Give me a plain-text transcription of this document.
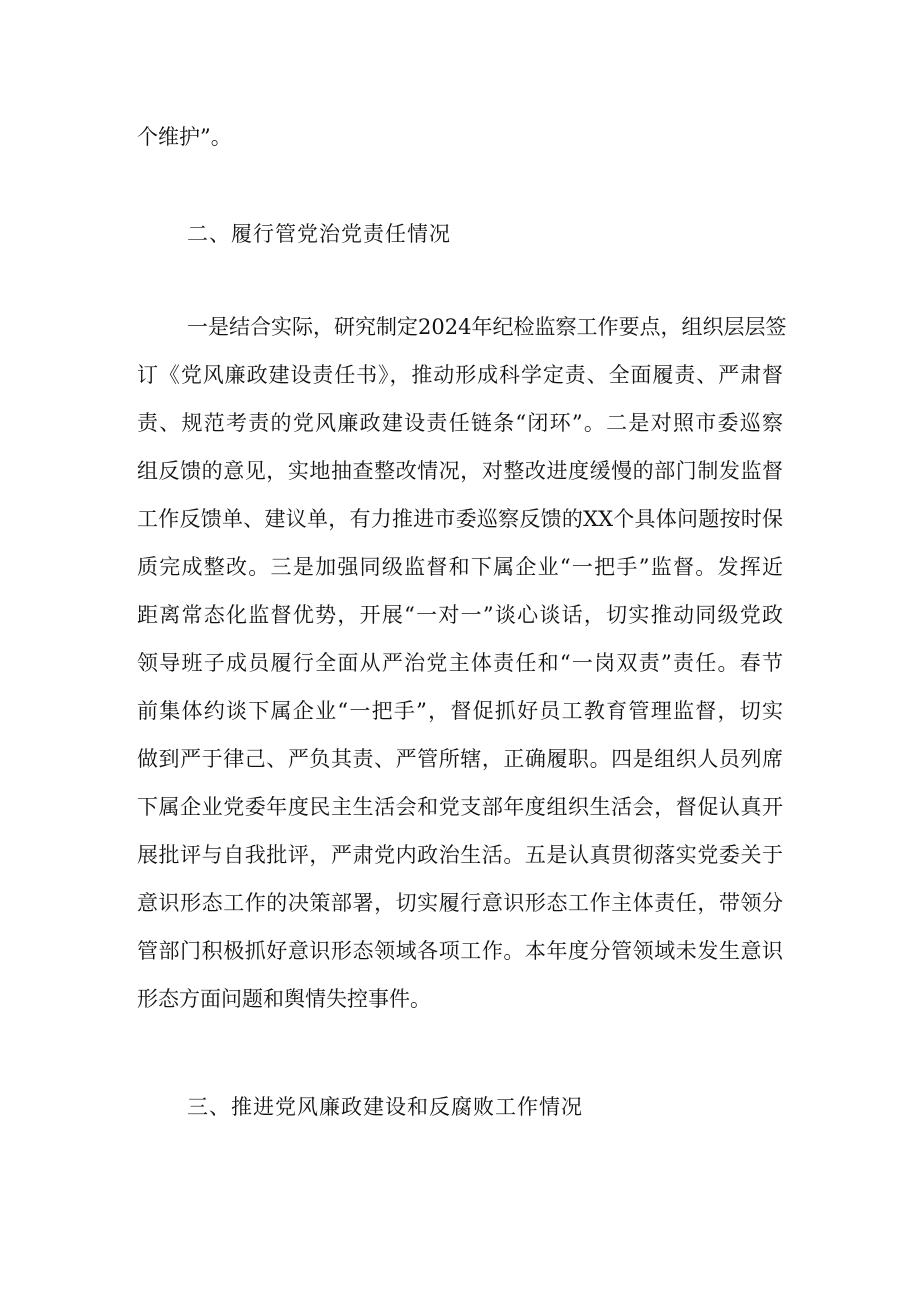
个维护”。

二、履行管党治党责任情况

一是结合实际，研究制定2024年纪检监察工作要点，组织层层签

订《党风廉政建设责任书》，推动形成科学定责、全面履责、严肃督

责、规范考责的党风廉政建设责任链条“闭环”。二是对照市委巡察

组反馈的意见，实地抽查整改情况，对整改进度缓慢的部门制发监督

工作反馈单、建议单，有力推进市委巡察反馈的XX个具体问题按时保

质完成整改。三是加强同级监督和下属企业“一把手”监督。发挥近

距离常态化监督优势，开展“一对一”谈心谈话，切实推动同级党政

领导班子成员履行全面从严治党主体责任和“一岗双责”责任。春节

前集体约谈下属企业“一把手”，督促抓好员工教育管理监督，切实

做到严于律己、严负其责、严管所辖，正确履职。四是组织人员列席

下属企业党委年度民主生活会和党支部年度组织生活会，督促认真开

展批评与自我批评，严肃党内政治生活。五是认真贯彻落实党委关于

意识形态工作的决策部署，切实履行意识形态工作主体责任，带领分

管部门积极抓好意识形态领域各项工作。本年度分管领域未发生意识

形态方面问题和舆情失控事件。

三、推进党风廉政建设和反腐败工作情况
